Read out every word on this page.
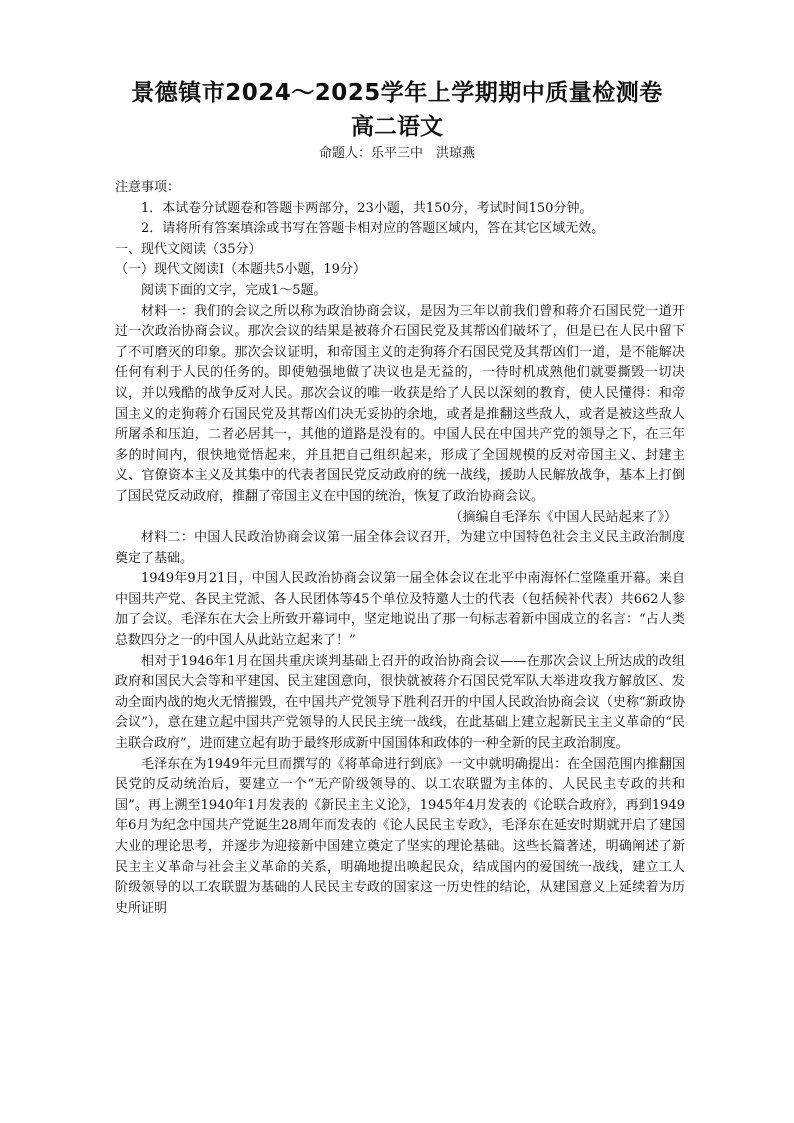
景德镇市2024～2025学年上学期期中质量检测卷
高二语文

命题人：乐平三中　洪琼燕

注意事项：

1．本试卷分试题卷和答题卡两部分，23小题，共150分，考试时间150分钟。

2．请将所有答案填涂或书写在答题卡相对应的答题区域内，答在其它区域无效。

一、现代文阅读（35分）

（一）现代文阅读Ⅰ（本题共5小题，19分）

阅读下面的文字，完成1～5题。

材料一：我们的会议之所以称为政治协商会议，是因为三年以前我们曾和蒋介石国民党一道开过一次政治协商会议。那次会议的结果是被蒋介石国民党及其帮凶们破坏了，但是已在人民中留下了不可磨灭的印象。那次会议证明，和帝国主义的走狗蒋介石国民党及其帮凶们一道，是不能解决任何有利于人民的任务的。即使勉强地做了决议也是无益的，一待时机成熟他们就要撕毁一切决议，并以残酷的战争反对人民。那次会议的唯一收获是给了人民以深刻的教育，使人民懂得：和帝国主义的走狗蒋介石国民党及其帮凶们决无妥协的余地，或者是推翻这些敌人，或者是被这些敌人所屠杀和压迫，二者必居其一，其他的道路是没有的。中国人民在中国共产党的领导之下，在三年多的时间内，很快地觉悟起来，并且把自己组织起来，形成了全国规模的反对帝国主义、封建主义、官僚资本主义及其集中的代表者国民党反动政府的统一战线，援助人民解放战争，基本上打倒了国民党反动政府，推翻了帝国主义在中国的统治，恢复了政治协商会议。

（摘编自毛泽东《中国人民站起来了》）

材料二：中国人民政治协商会议第一届全体会议召开，为建立中国特色社会主义民主政治制度奠定了基础。

1949年9月21日，中国人民政治协商会议第一届全体会议在北平中南海怀仁堂隆重开幕。来自中国共产党、各民主党派、各人民团体等45个单位及特邀人士的代表（包括候补代表）共662人参加了会议。毛泽东在大会上所致开幕词中，坚定地说出了那一句标志着新中国成立的名言：“占人类总数四分之一的中国人从此站立起来了！”

相对于1946年1月在国共重庆谈判基础上召开的政治协商会议——在那次会议上所达成的改组政府和国民大会等和平建国、民主建国意向，很快就被蒋介石国民党军队大举进攻我方解放区、发动全面内战的炮火无情摧毁，在中国共产党领导下胜利召开的中国人民政治协商会议（史称“新政协会议”），意在建立起中国共产党领导的人民民主统一战线，在此基础上建立起新民主主义革命的“民主联合政府”，进而建立起有助于最终形成新中国国体和政体的一种全新的民主政治制度。

毛泽东在为1949年元旦而撰写的《将革命进行到底》一文中就明确提出：在全国范围内推翻国民党的反动统治后，要建立一个“无产阶级领导的、以工农联盟为主体的、人民民主专政的共和国”。再上溯至1940年1月发表的《新民主主义论》，1945年4月发表的《论联合政府》，再到1949年6月为纪念中国共产党诞生28周年而发表的《论人民民主专政》，毛泽东在延安时期就开启了建国大业的理论思考，并逐步为迎接新中国建立奠定了坚实的理论基础。这些长篇著述，明确阐述了新民主主义革命与社会主义革命的关系，明确地提出唤起民众，结成国内的爱国统一战线，建立工人阶级领导的以工农联盟为基础的人民民主专政的国家这一历史性的结论，从建国意义上延续着为历史所证明
